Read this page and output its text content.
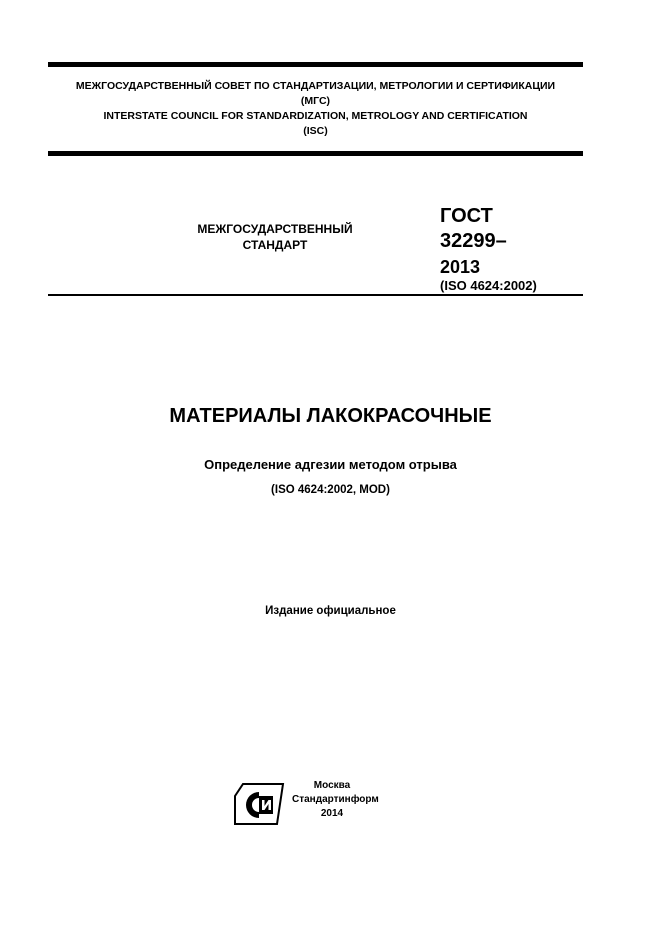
МЕЖГОСУДАРСТВЕННЫЙ СОВЕТ ПО СТАНДАРТИЗАЦИИ, МЕТРОЛОГИИ И СЕРТИФИКАЦИИ
(МГС)
INTERSTATE COUNCIL FOR STANDARDIZATION, METROLOGY AND CERTIFICATION
(ISC)
МЕЖГОСУДАРСТВЕННЫЙ
СТАНДАРТ
ГОСТ
32299–
2013
(ISO 4624:2002)
МАТЕРИАЛЫ ЛАКОКРАСОЧНЫЕ
Определение адгезии методом отрыва
(ISO 4624:2002, MOD)
Издание официальное
Москва
Стандартинформ
2014
